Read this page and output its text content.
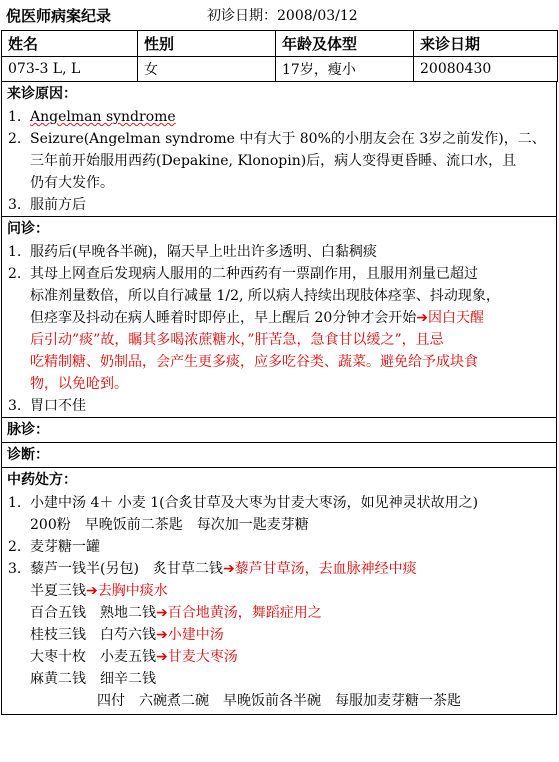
倪医师病案纪录	初诊日期：2008/03/12
姓名	性别	年龄及体型	来诊日期
073-3 L, L	女	17岁，瘦小	20080430
来诊原因：
1. Angelman syndrome
2. Seizure(Angelman syndrome 中有大于 80%的小朋友会在 3岁之前发作)，二、
三年前开始服用西药(Depakine, Klonopin)后，病人变得更昏睡、流口水，且
仍有大发作。
3. 服前方后
问诊：
1. 服药后(早晚各半碗)，隔天早上吐出许多透明、白黏稠痰
2. 其母上网查后发现病人服用的二种西药有一票副作用，且服用剂量已超过
标准剂量数倍，所以自行减量 1/2, 所以病人持续出现肢体痉挛、抖动现象，
但痉挛及抖动在病人睡着时即停止，早上醒后 20分钟才会开始➔因白天醒
后引动”痰”故，瞩其多喝浓蔗糖水，”肝苦急，急食甘以缓之”，且忌
吃精制糖、奶制品，会产生更多痰，应多吃谷类、蔬菜。避免给予成块食
物，以免呛到。
3. 胃口不佳
脉诊：
诊断：
中药处方：
1. 小建中汤 4＋ 小麦 1(合炙甘草及大枣为甘麦大枣汤，如见神灵状故用之)
200粉　早晚饭前二茶匙　每次加一匙麦芽糖
2. 麦芽糖一罐
3. 藜芦一钱半(另包)　炙甘草二钱➔藜芦甘草汤，去血脉神经中痰
半夏三钱➔去胸中痰水
百合五钱　熟地二钱➔百合地黄汤，舞蹈症用之
桂枝三钱　白芍六钱➔小建中汤
大枣十枚　小麦五钱➔甘麦大枣汤
麻黄二钱　细辛二钱
四付　六碗煮二碗　早晚饭前各半碗　每服加麦芽糖一茶匙
